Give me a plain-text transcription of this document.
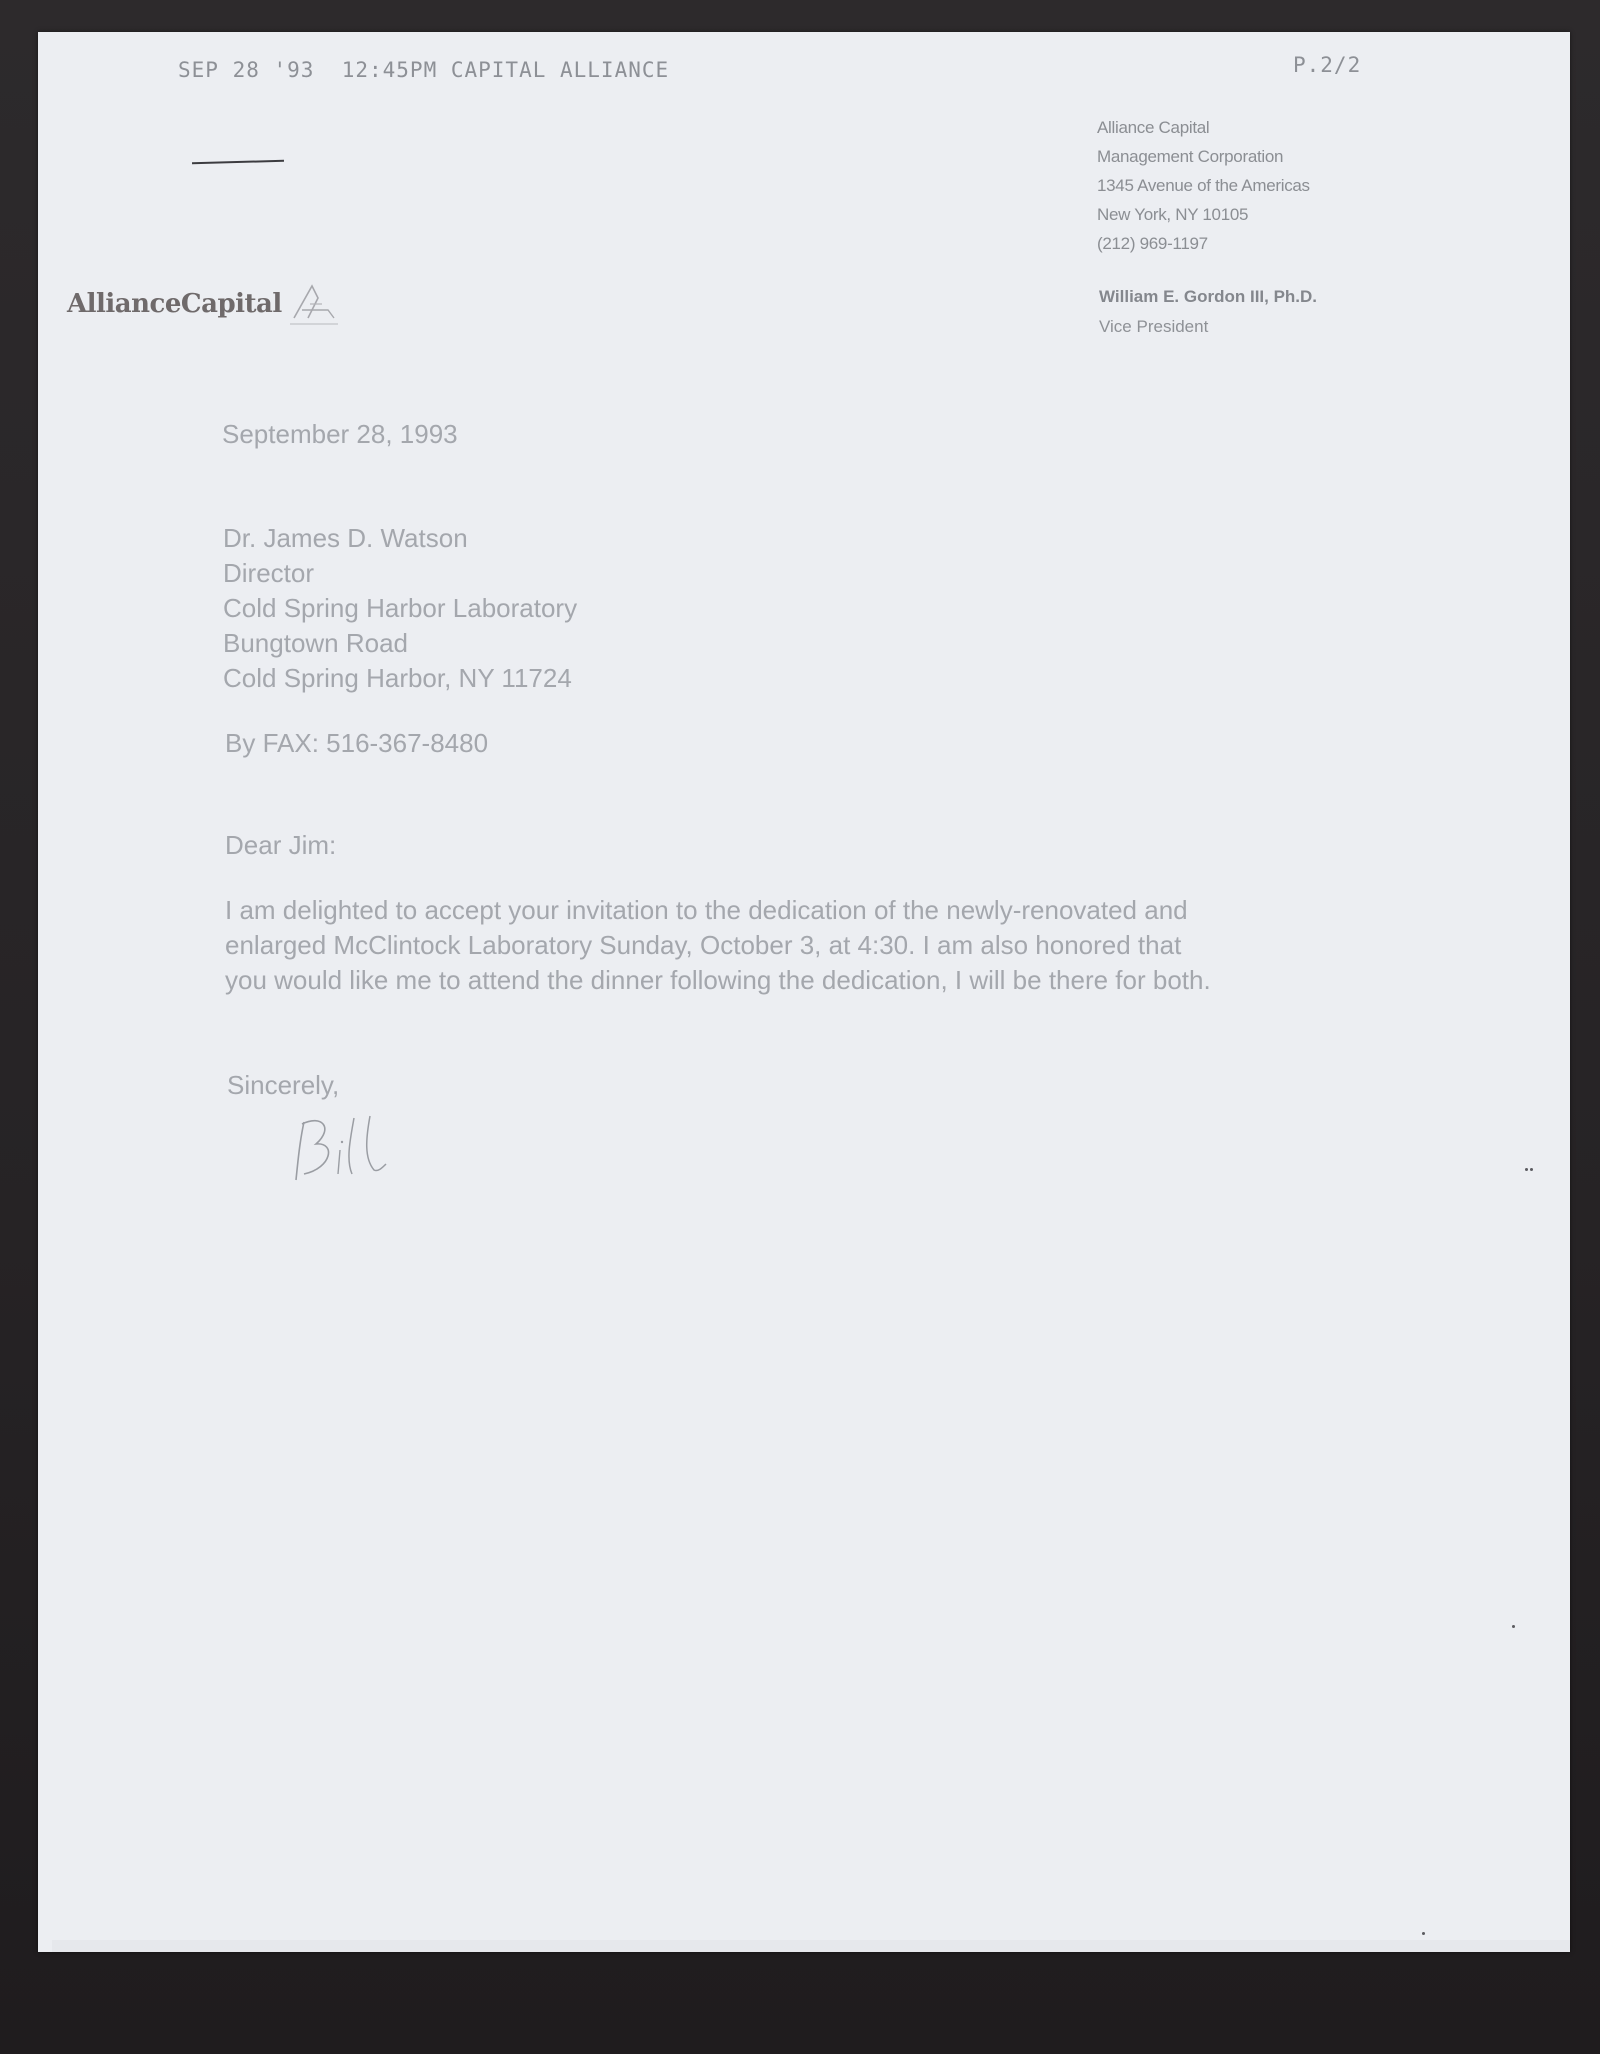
SEP 28 '93  12:45PM CAPITAL ALLIANCE	P.2/2
Alliance Capital
Management Corporation
1345 Avenue of the Americas
New York, NY 10105
(212) 969-1197
William E. Gordon III, Ph.D.
Vice President
AllianceCapital
September 28, 1993
Dr. James D. Watson
Director
Cold Spring Harbor Laboratory
Bungtown Road
Cold Spring Harbor, NY 11724
By FAX: 516-367-8480
Dear Jim:
I am delighted to accept your invitation to the dedication of the newly-renovated and
enlarged McClintock Laboratory Sunday, October 3, at 4:30. I am also honored that
you would like me to attend the dinner following the dedication, I will be there for both.
Sincerely,
